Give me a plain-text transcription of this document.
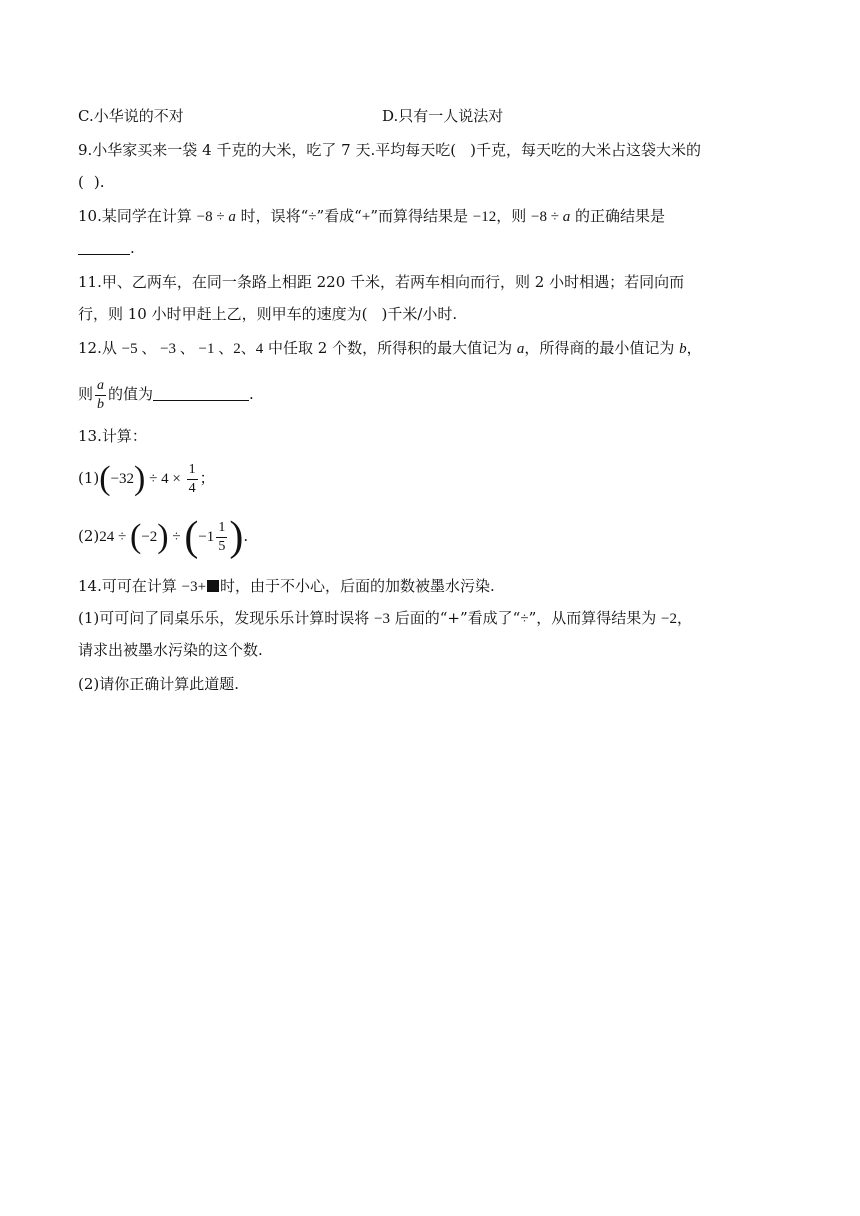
C.小华说的不对	D.只有一人说法对
9.小华家买来一袋 4 千克的大米，吃了 7 天.平均每天吃( )千克，每天吃的大米占这袋大米的
( ).
10.某同学在计算 −8 ÷ a 时，误将“÷”看成“+”而算得结果是 −12，则 −8 ÷ a 的正确结果是
.
11.甲、乙两车，在同一条路上相距 220 千米，若两车相向而行，则 2 小时相遇；若同向而
行，则 10 小时甲赶上乙，则甲车的速度为( )千米/小时.
12.从 −5 、 −3 、 −1 、2、4 中任取 2 个数，所得积的最大值记为 a，所得商的最小值记为 b，
则 $\frac{a}{b}$ 的值为	.
13.计算：
$(1)(-32) \div 4 \times \frac{1}{4}$ ；
$(2)24 \div (-2) \div (-1 \frac{1}{5}$ ).
14.可可在计算 −3+ 时，由于不小心，后面的加数被墨水污染.
(1)可可问了同桌乐乐，发现乐乐计算时误将 −3 后面的“+”看成了“÷”，从而算得结果为 −2，
请求出被墨水污染的这个数.
(2)请你正确计算此道题.
